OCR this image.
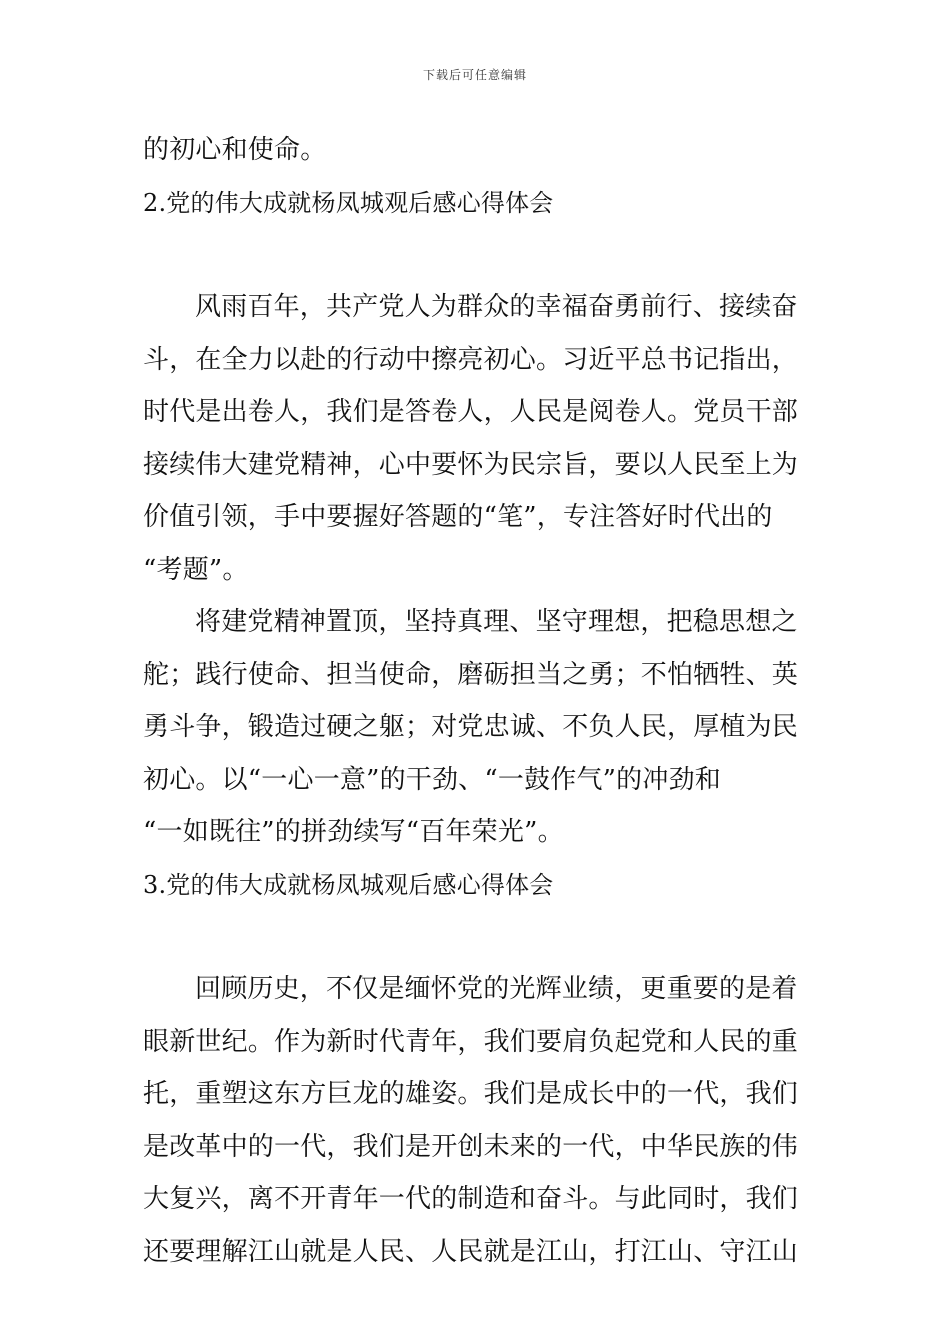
下载后可任意编辑
的初心和使命。
2.党的伟大成就杨凤城观后感心得体会
风雨百年，共产党人为群众的幸福奋勇前行、接续奋
斗，在全力以赴的行动中擦亮初心。习近平总书记指出，
时代是出卷人，我们是答卷人，人民是阅卷人。党员干部
接续伟大建党精神，心中要怀为民宗旨，要以人民至上为
价值引领，手中要握好答题的“笔”，专注答好时代出的
“考题”。
将建党精神置顶，坚持真理、坚守理想，把稳思想之
舵；践行使命、担当使命，磨砺担当之勇；不怕牺牲、英
勇斗争，锻造过硬之躯；对党忠诚、不负人民，厚植为民
初心。以“一心一意”的干劲、“一鼓作气”的冲劲和
“一如既往”的拼劲续写“百年荣光”。
3.党的伟大成就杨凤城观后感心得体会
回顾历史，不仅是缅怀党的光辉业绩，更重要的是着
眼新世纪。作为新时代青年，我们要肩负起党和人民的重
托，重塑这东方巨龙的雄姿。我们是成长中的一代，我们
是改革中的一代，我们是开创未来的一代，中华民族的伟
大复兴，离不开青年一代的制造和奋斗。与此同时，我们
还要理解江山就是人民、人民就是江山，打江山、守江山
